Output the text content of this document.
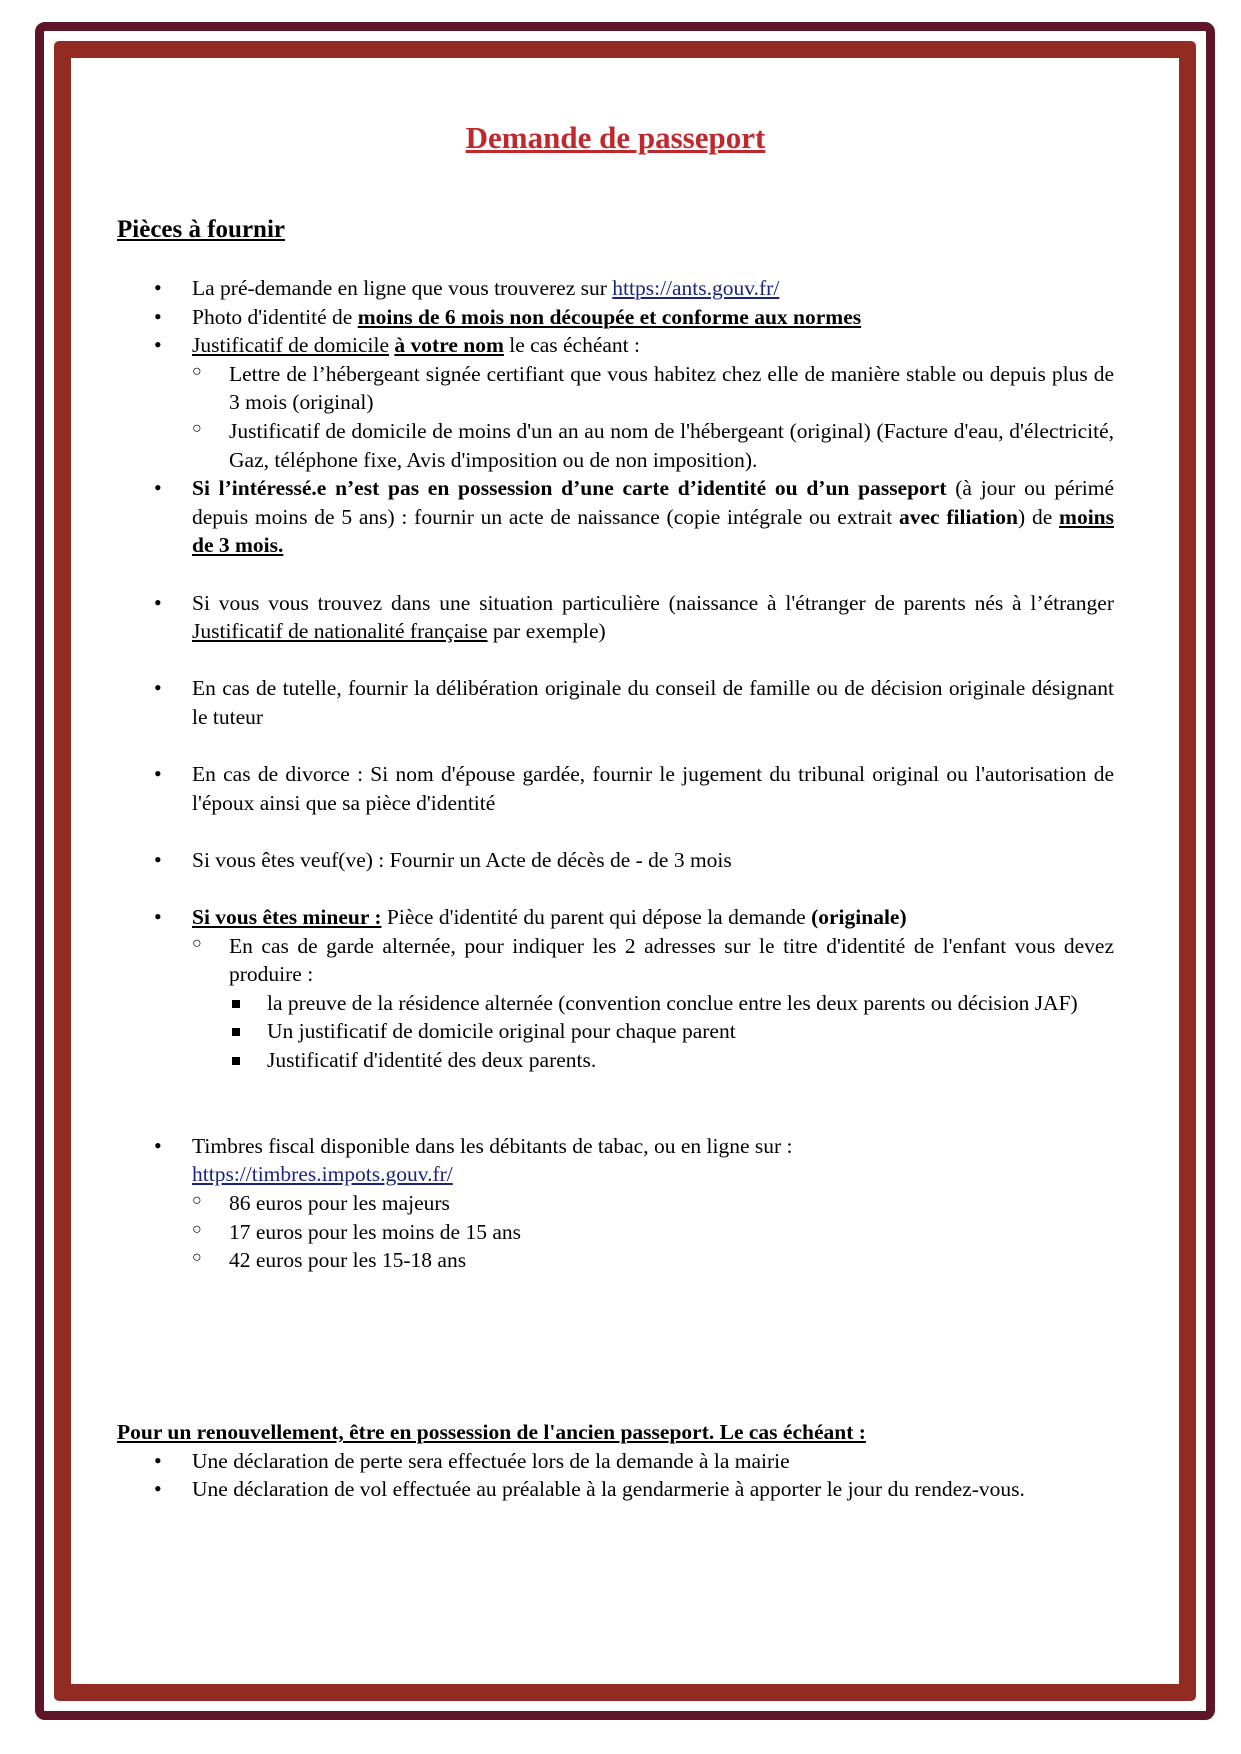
Demande de passeport
Pièces à fournir
• La pré-demande en ligne que vous trouverez sur https://ants.gouv.fr/
• Photo d'identité de moins de 6 mois non découpée et conforme aux normes
• Justificatif de domicile à votre nom le cas échéant :
○ Lettre de l’hébergeant signée certifiant que vous habitez chez elle de manière stable ou depuis plus de 3 mois (original)
○ Justificatif de domicile de moins d'un an au nom de l'hébergeant (original) (Facture d'eau, d'électricité, Gaz, téléphone fixe, Avis d'imposition ou de non imposition).
• Si l’intéressé.e n’est pas en possession d’une carte d’identité ou d’un passeport (à jour ou périmé depuis moins de 5 ans) : fournir un acte de naissance (copie intégrale ou extrait avec filiation) de moins de 3 mois.
• Si vous vous trouvez dans une situation particulière (naissance à l'étranger de parents nés à l’étranger Justificatif de nationalité française par exemple)
• En cas de tutelle, fournir la délibération originale du conseil de famille ou de décision originale désignant le tuteur
• En cas de divorce : Si nom d'épouse gardée, fournir le jugement du tribunal original ou l'autorisation de l'époux ainsi que sa pièce d'identité
• Si vous êtes veuf(ve) : Fournir un Acte de décès de - de 3 mois
• Si vous êtes mineur : Pièce d'identité du parent qui dépose la demande (originale)
○ En cas de garde alternée, pour indiquer les 2 adresses sur le titre d'identité de l'enfant vous devez produire :
la preuve de la résidence alternée (convention conclue entre les deux parents ou décision JAF)
Un justificatif de domicile original pour chaque parent
Justificatif d'identité des deux parents.
• Timbres fiscal disponible dans les débitants de tabac, ou en ligne sur :
https://timbres.impots.gouv.fr/
○ 86 euros pour les majeurs
○ 17 euros pour les moins de 15 ans
○ 42 euros pour les 15-18 ans

Pour un renouvellement, être en possession de l'ancien passeport. Le cas échéant :

• Une déclaration de perte sera effectuée lors de la demande à la mairie
• Une déclaration de vol effectuée au préalable à la gendarmerie à apporter le jour du rendez-vous.
